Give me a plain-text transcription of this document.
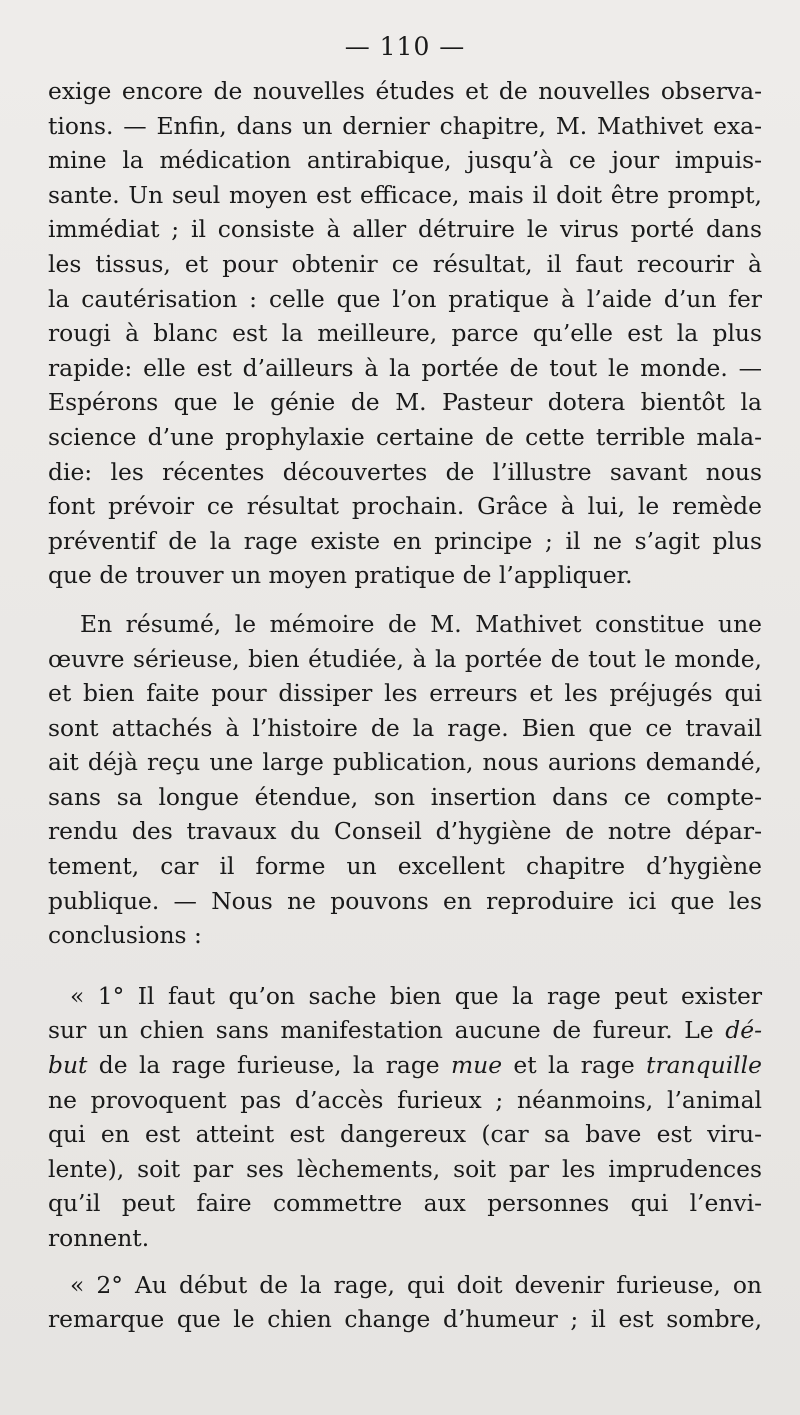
— 110 —
exige encore de nouvelles études et de nouvelles observa-
tions. — Enfin, dans un dernier chapitre, M. Mathivet exa-
mine la médication antirabique, jusqu’à ce jour impuis-
sante. Un seul moyen est efficace, mais il doit être prompt,
immédiat ; il consiste à aller détruire le virus porté dans
les tissus, et pour obtenir ce résultat, il faut recourir à
la cautérisation : celle que l’on pratique à l’aide d’un fer
rougi à blanc est la meilleure, parce qu’elle est la plus
rapide: elle est d’ailleurs à la portée de tout le monde. —
Espérons que le génie de M. Pasteur dotera bientôt la
science d’une prophylaxie certaine de cette terrible mala-
die: les récentes découvertes de l’illustre savant nous
font prévoir ce résultat prochain. Grâce à lui, le remède
préventif de la rage existe en principe ; il ne s’agit plus
que de trouver un moyen pratique de l’appliquer.
En résumé, le mémoire de M. Mathivet constitue une
œuvre sérieuse, bien étudiée, à la portée de tout le monde,
et bien faite pour dissiper les erreurs et les préjugés qui
sont attachés à l’histoire de la rage. Bien que ce travail
ait déjà reçu une large publication, nous aurions demandé,
sans sa longue étendue, son insertion dans ce compte-
rendu des travaux du Conseil d’hygiène de notre dépar-
tement, car il forme un excellent chapitre d’hygiène
publique. — Nous ne pouvons en reproduire ici que les
conclusions :
« 1° Il faut qu’on sache bien que la rage peut exister
sur un chien sans manifestation aucune de fureur. Le dé-
but de la rage furieuse, la rage mue et la rage tranquille
ne provoquent pas d’accès furieux ; néanmoins, l’animal
qui en est atteint est dangereux (car sa bave est viru-
lente), soit par ses lèchements, soit par les imprudences
qu’il peut faire commettre aux personnes qui l’envi-
ronnent.
« 2° Au début de la rage, qui doit devenir furieuse, on
remarque que le chien change d’humeur ; il est sombre,
